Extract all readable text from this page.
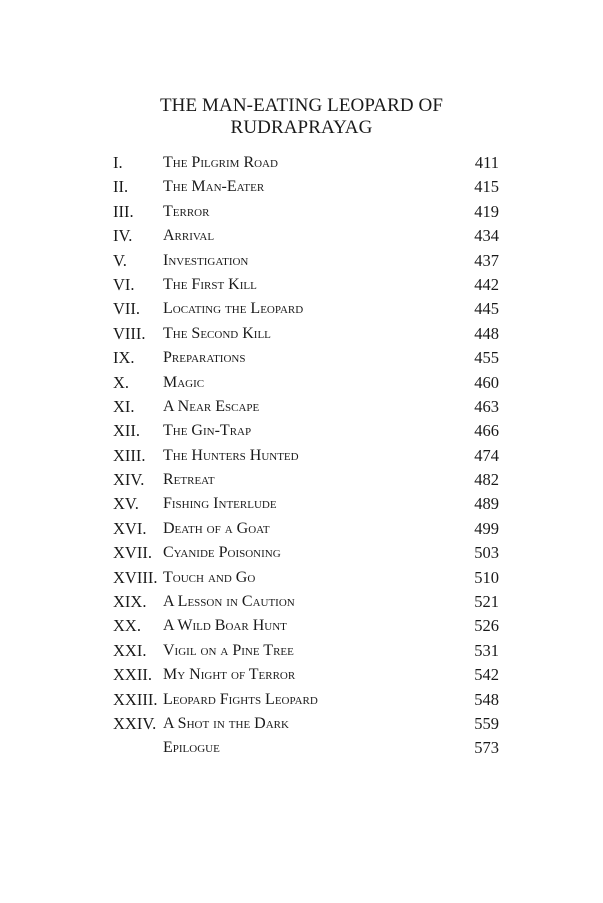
THE MAN-EATING LEOPARD OF
RUDRAPRAYAG
I.	The Pilgrim Road	411
II. The Man-Eater	415
III. Terror	419
IV. Arrival	434
V. Investigation	437
VI. The First Kill	442
VII. Locating the Leopard	445
VIII. The Second Kill	448
IX. Preparations	455
X. Magic	460
XI. A Near Escape	463
XII. The Gin-Trap	466
XIII. The Hunters Hunted	474
XIV. Retreat	482
XV. Fishing Interlude	489
XVI. Death of a Goat	499
XVII. Cyanide Poisoning	503
XVIII. Touch and Go	510
XIX. A Lesson in Caution	521
XX. A Wild Boar Hunt	526
XXI. Vigil on a Pine Tree	531
XXII. My Night of Terror	542
XXIII. Leopard Fights Leopard	548
XXIV. A Shot in the Dark	559
Epilogue	573
